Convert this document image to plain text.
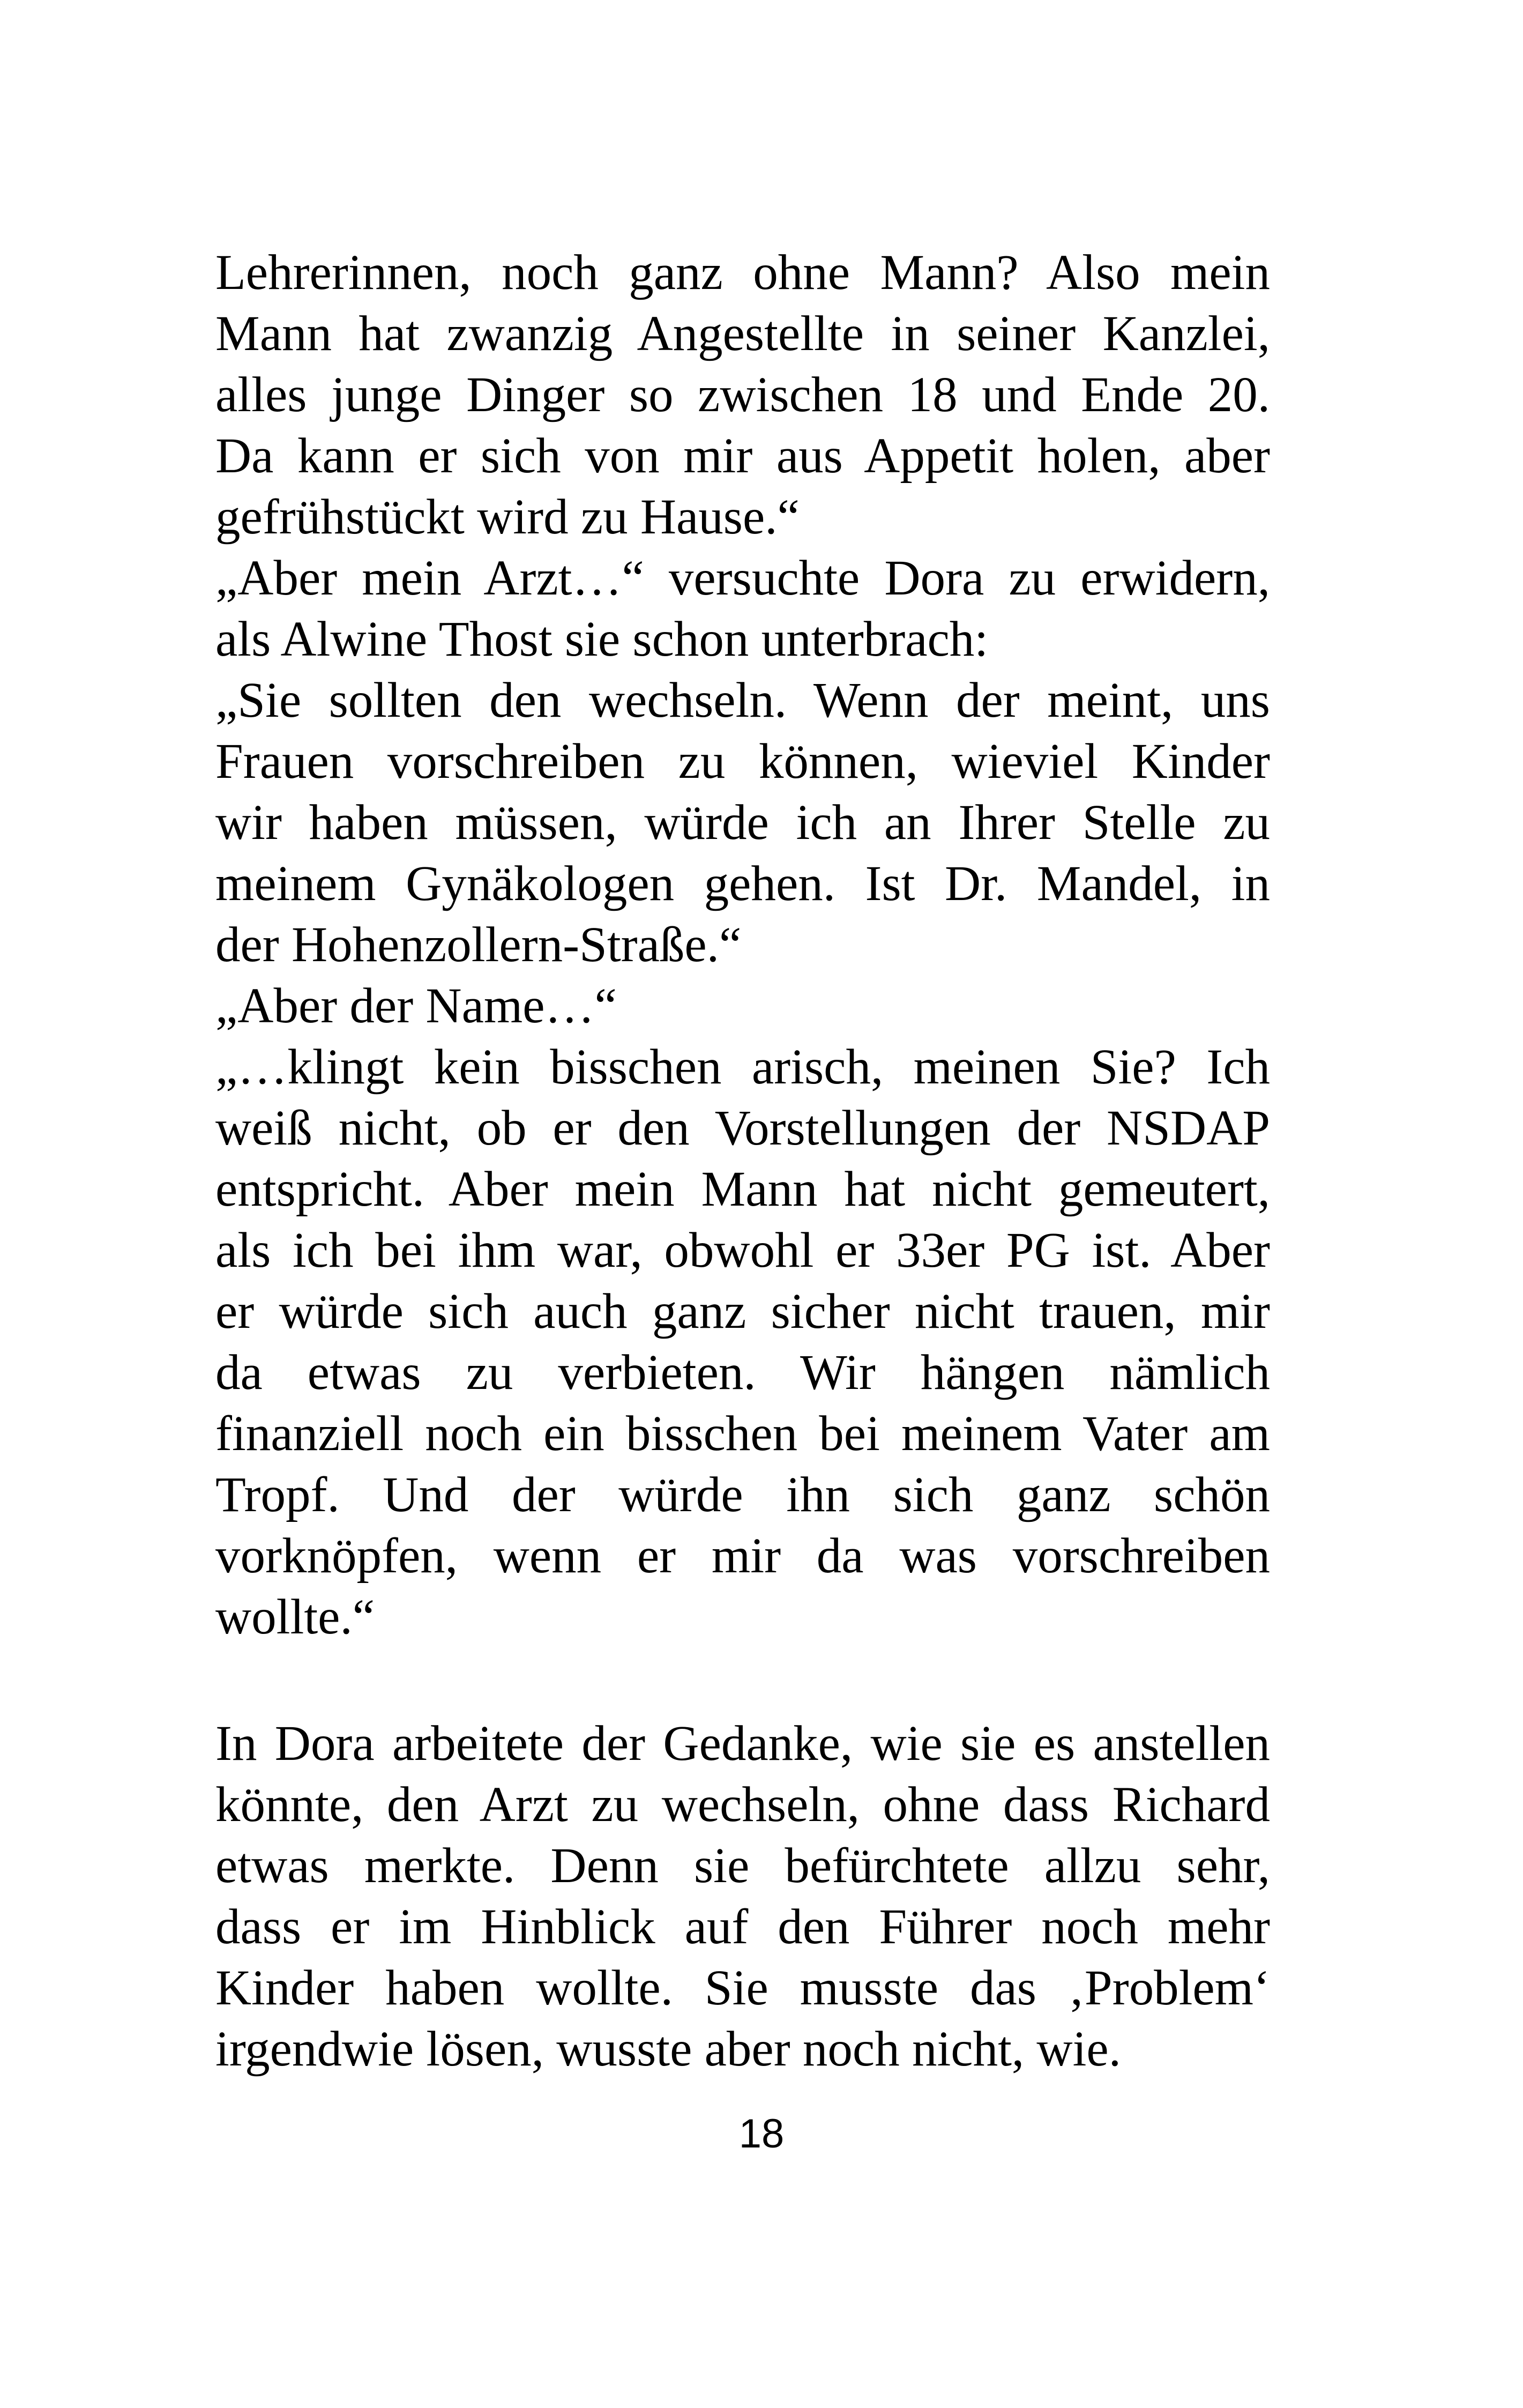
Lehrerinnen, noch ganz ohne Mann? Also mein
Mann hat zwanzig Angestellte in seiner Kanzlei,
alles junge Dinger so zwischen 18 und Ende 20.
Da kann er sich von mir aus Appetit holen, aber
gefrühstückt wird zu Hause.“
„Aber mein Arzt…“ versuchte Dora zu erwidern,
als Alwine Thost sie schon unterbrach:
„Sie sollten den wechseln. Wenn der meint, uns
Frauen vorschreiben zu können, wieviel Kinder
wir haben müssen, würde ich an Ihrer Stelle zu
meinem Gynäkologen gehen. Ist Dr. Mandel, in
der Hohenzollern-Straße.“
„Aber der Name…“
„…klingt kein bisschen arisch, meinen Sie? Ich
weiß nicht, ob er den Vorstellungen der NSDAP
entspricht. Aber mein Mann hat nicht gemeutert,
als ich bei ihm war, obwohl er 33er PG ist. Aber
er würde sich auch ganz sicher nicht trauen, mir
da etwas zu verbieten. Wir hängen nämlich
finanziell noch ein bisschen bei meinem Vater am
Tropf. Und der würde ihn sich ganz schön
vorknöpfen, wenn er mir da was vorschreiben
wollte.“
In Dora arbeitete der Gedanke, wie sie es anstellen
könnte, den Arzt zu wechseln, ohne dass Richard
etwas merkte. Denn sie befürchtete allzu sehr,
dass er im Hinblick auf den Führer noch mehr
Kinder haben wollte. Sie musste das ‚Problem‘
irgendwie lösen, wusste aber noch nicht, wie.
18
